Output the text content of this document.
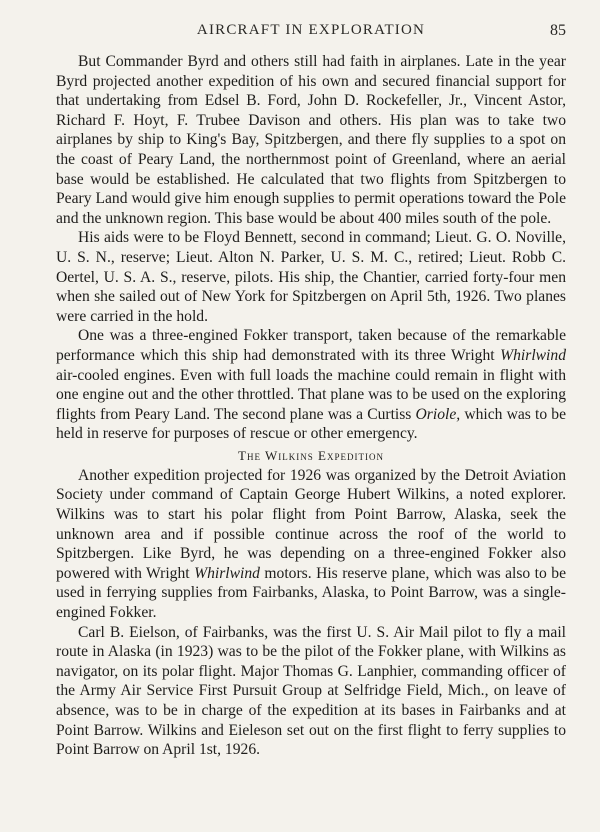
AIRCRAFT IN EXPLORATION	85

But Commander Byrd and others still had faith in airplanes. Late in the year Byrd projected another expedition of his own and secured financial support for that undertaking from Edsel B. Ford, John D. Rockefeller, Jr., Vincent Astor, Richard F. Hoyt, F. Trubee Davison and others. His plan was to take two airplanes by ship to King's Bay, Spitzbergen, and there fly supplies to a spot on the coast of Peary Land, the northernmost point of Greenland, where an aerial base would be established. He calculated that two flights from Spitzbergen to Peary Land would give him enough supplies to permit operations toward the Pole and the unknown region. This base would be about 400 miles south of the pole.

His aids were to be Floyd Bennett, second in command; Lieut. G. O. Noville, U. S. N., reserve; Lieut. Alton N. Parker, U. S. M. C., retired; Lieut. Robb C. Oertel, U. S. A. S., reserve, pilots. His ship, the Chantier, carried forty-four men when she sailed out of New York for Spitzbergen on April 5th, 1926. Two planes were carried in the hold.

One was a three-engined Fokker transport, taken because of the remarkable performance which this ship had demonstrated with its three Wright Whirlwind air-cooled engines. Even with full loads the machine could remain in flight with one engine out and the other throttled. That plane was to be used on the exploring flights from Peary Land. The second plane was a Curtiss Oriole, which was to be held in reserve for purposes of rescue or other emergency.

The Wilkins Expedition

Another expedition projected for 1926 was organized by the Detroit Aviation Society under command of Captain George Hubert Wilkins, a noted explorer. Wilkins was to start his polar flight from Point Barrow, Alaska, seek the unknown area and if possible continue across the roof of the world to Spitzbergen. Like Byrd, he was depending on a three-engined Fokker also powered with Wright Whirlwind motors. His reserve plane, which was also to be used in ferrying supplies from Fairbanks, Alaska, to Point Barrow, was a single-engined Fokker.

Carl B. Eielson, of Fairbanks, was the first U. S. Air Mail pilot to fly a mail route in Alaska (in 1923) was to be the pilot of the Fokker plane, with Wilkins as navigator, on its polar flight. Major Thomas G. Lanphier, commanding officer of the Army Air Service First Pursuit Group at Selfridge Field, Mich., on leave of absence, was to be in charge of the expedition at its bases in Fairbanks and at Point Barrow. Wilkins and Eieleson set out on the first flight to ferry supplies to Point Barrow on April 1st, 1926.
